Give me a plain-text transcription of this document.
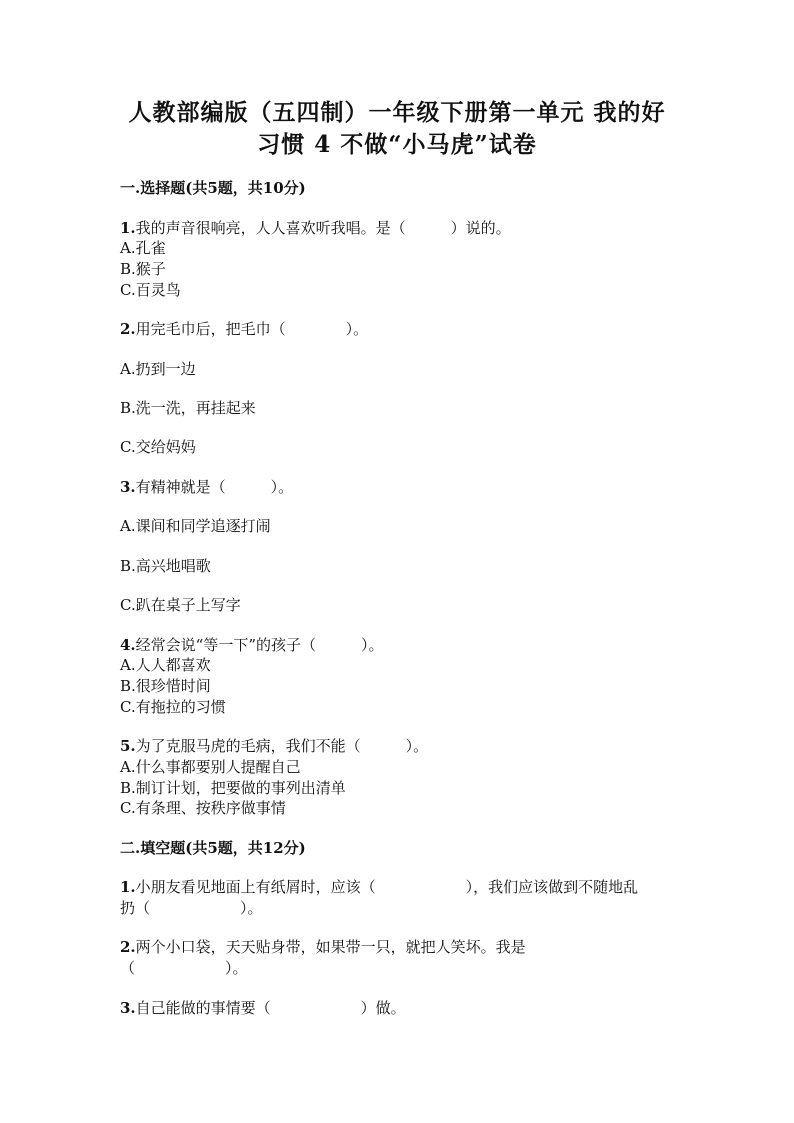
人教部编版（五四制）一年级下册第一单元 我的好
习惯 4 不做“小马虎”试卷
一.选择题(共5题，共10分)
1.我的声音很响亮，人人喜欢听我唱。是（　　　）说的。
A.孔雀
B.猴子
C.百灵鸟
2.用完毛巾后，把毛巾（　　　　）。
A.扔到一边
B.洗一洗，再挂起来
C.交给妈妈
3.有精神就是（　　　）。
A.课间和同学追逐打闹
B.高兴地唱歌
C.趴在桌子上写字
4.经常会说“等一下”的孩子（　　　）。
A.人人都喜欢
B.很珍惜时间
C.有拖拉的习惯
5.为了克服马虎的毛病，我们不能（　　　）。
A.什么事都要别人提醒自己
B.制订计划，把要做的事列出清单
C.有条理、按秩序做事情
二.填空题(共5题，共12分)
1.小朋友看见地面上有纸屑时，应该（　　　　　　），我们应该做到不随地乱
扔（　　　　　　）。
2.两个小口袋，天天贴身带，如果带一只，就把人笑坏。我是
（　　　　　　）。
3.自己能做的事情要（　　　　　　）做。
